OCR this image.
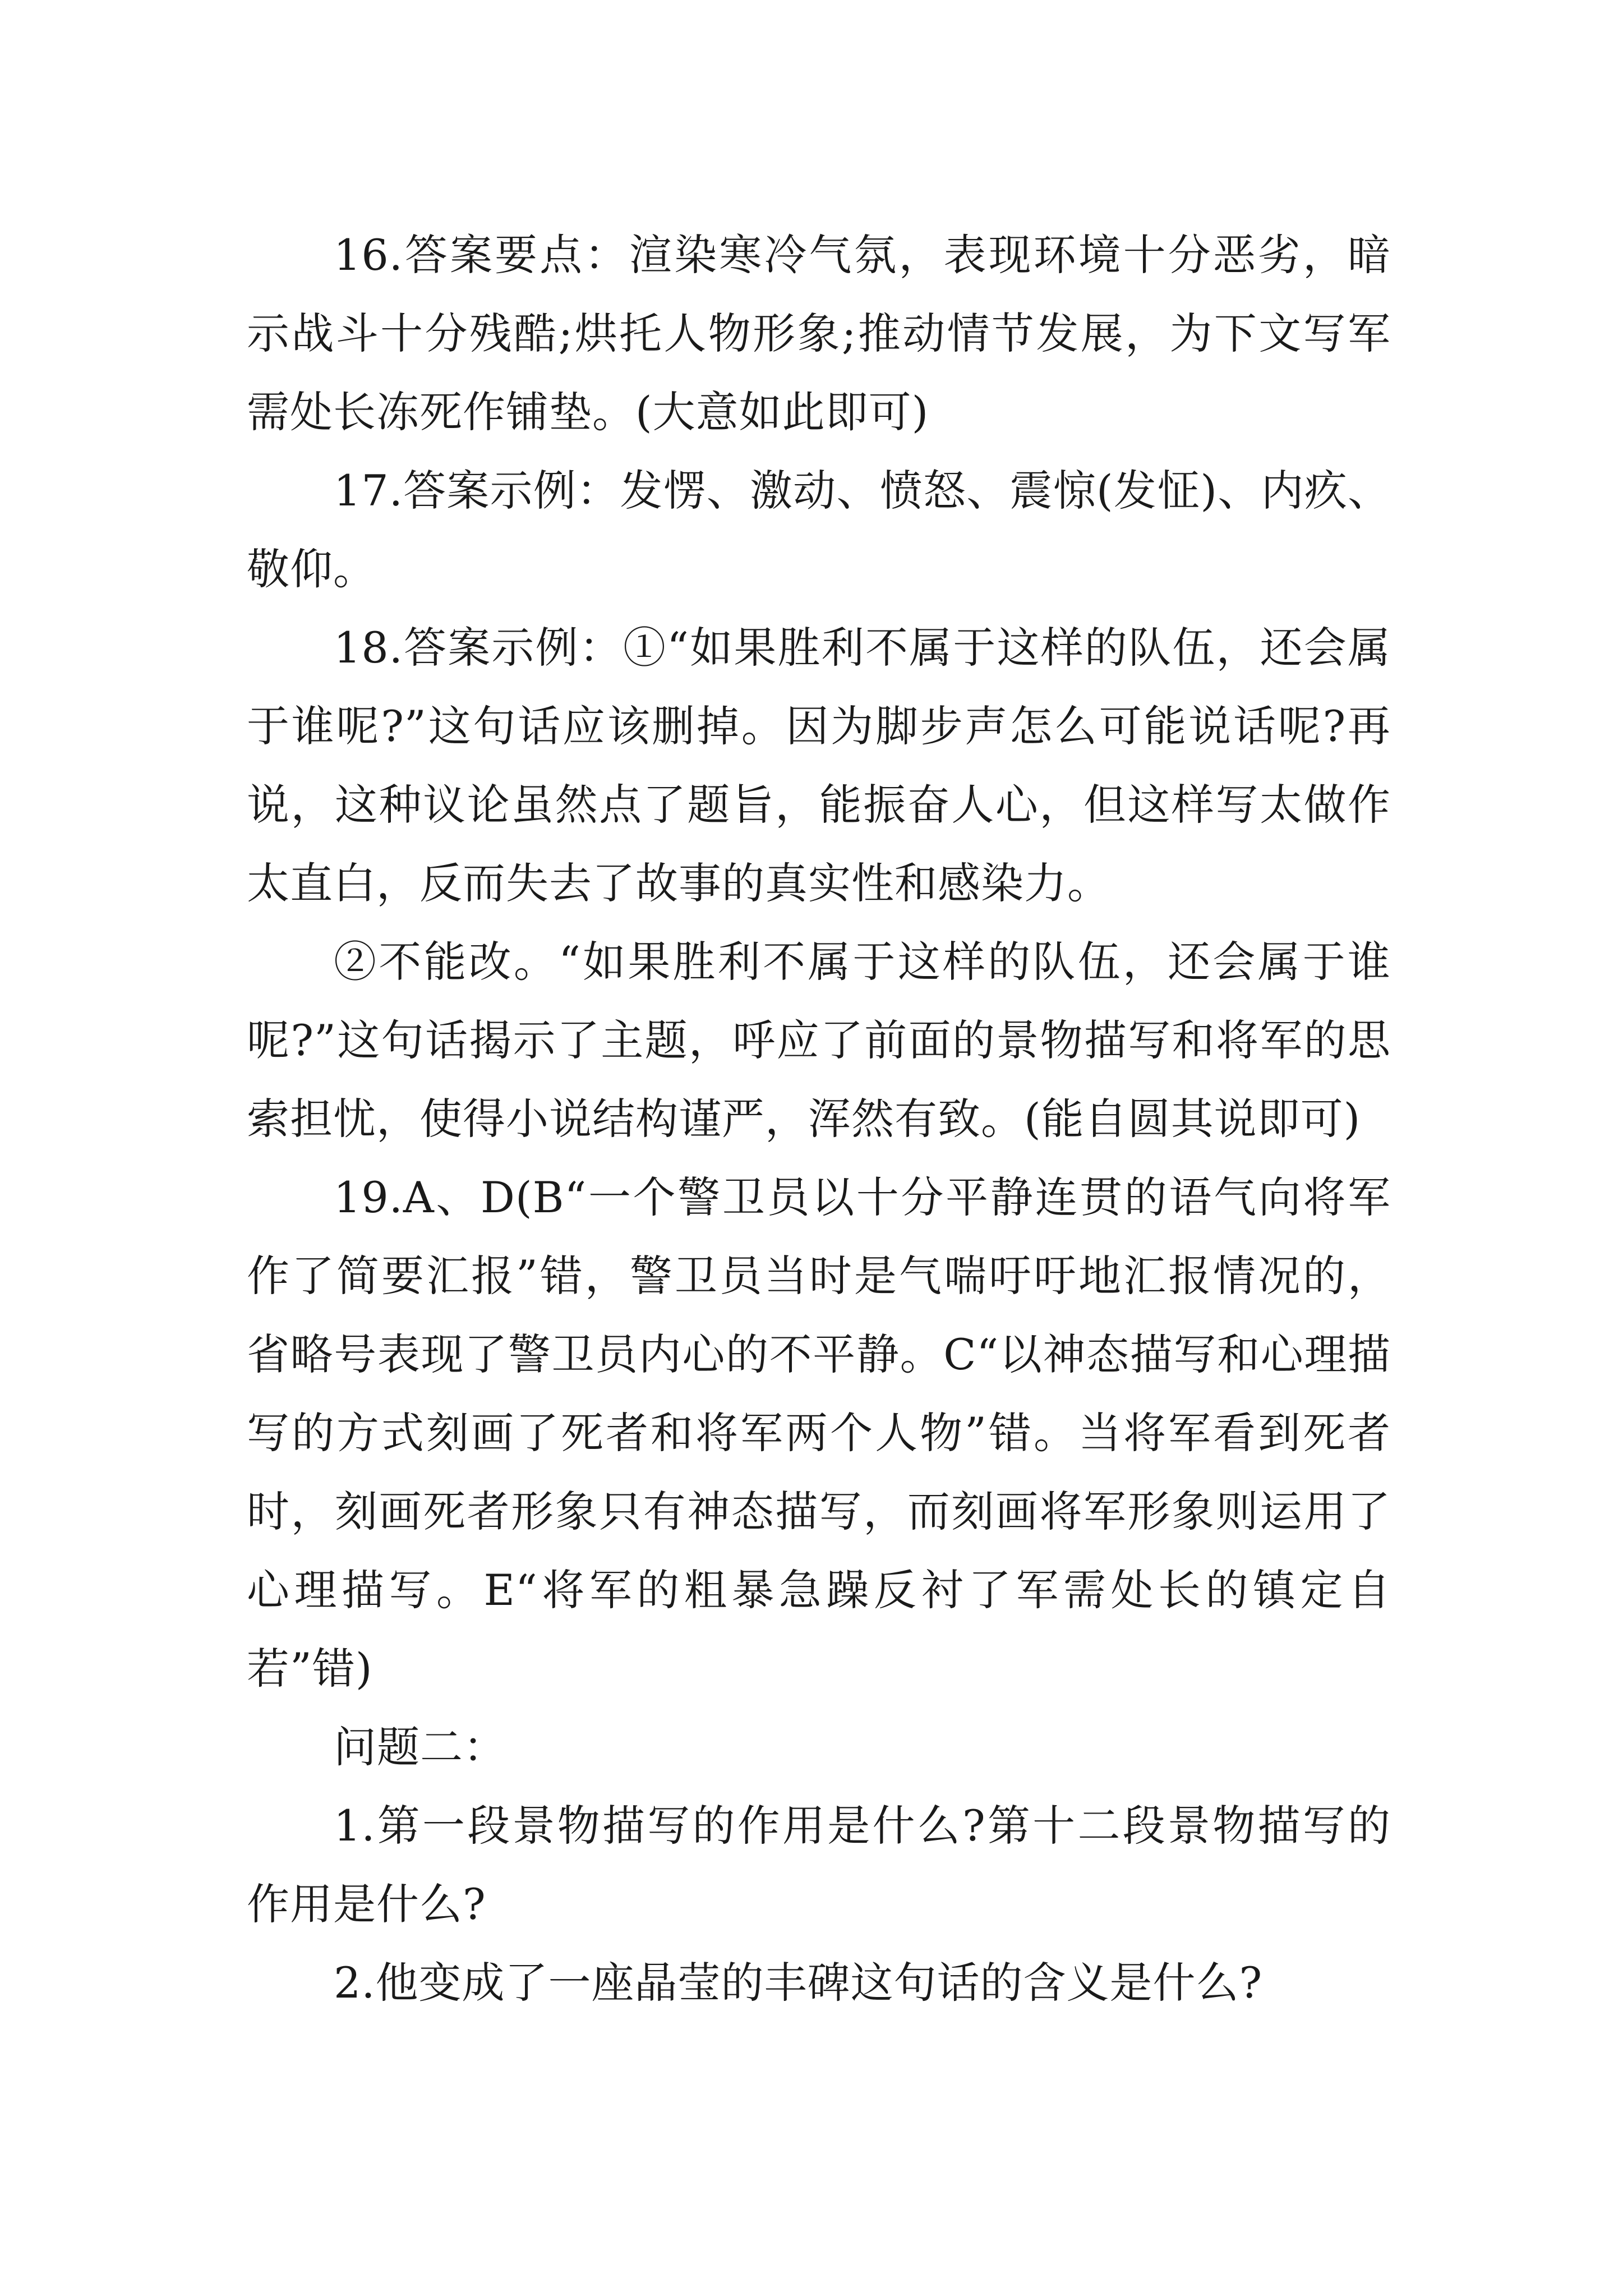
16.答案要点：渲染寒冷气氛，表现环境十分恶劣，暗示战斗十分残酷;烘托人物形象;推动情节发展，为下文写军需处长冻死作铺垫。(大意如此即可)

17.答案示例：发愣、激动、愤怒、震惊(发怔)、内疚、敬仰。

18.答案示例：①“如果胜利不属于这样的队伍，还会属于谁呢?”这句话应该删掉。因为脚步声怎么可能说话呢?再说，这种议论虽然点了题旨，能振奋人心，但这样写太做作太直白，反而失去了故事的真实性和感染力。

②不能改。“如果胜利不属于这样的队伍，还会属于谁呢?”这句话揭示了主题，呼应了前面的景物描写和将军的思索担忧，使得小说结构谨严，浑然有致。(能自圆其说即可)

19.A、D(B“一个警卫员以十分平静连贯的语气向将军作了简要汇报”错，警卫员当时是气喘吁吁地汇报情况的，省略号表现了警卫员内心的不平静。C“以神态描写和心理描写的方式刻画了死者和将军两个人物”错。当将军看到死者时，刻画死者形象只有神态描写，而刻画将军形象则运用了心理描写。E“将军的粗暴急躁反衬了军需处长的镇定自若”错)

问题二：

1.第一段景物描写的作用是什么?第十二段景物描写的作用是什么?

2.他变成了一座晶莹的丰碑这句话的含义是什么?
